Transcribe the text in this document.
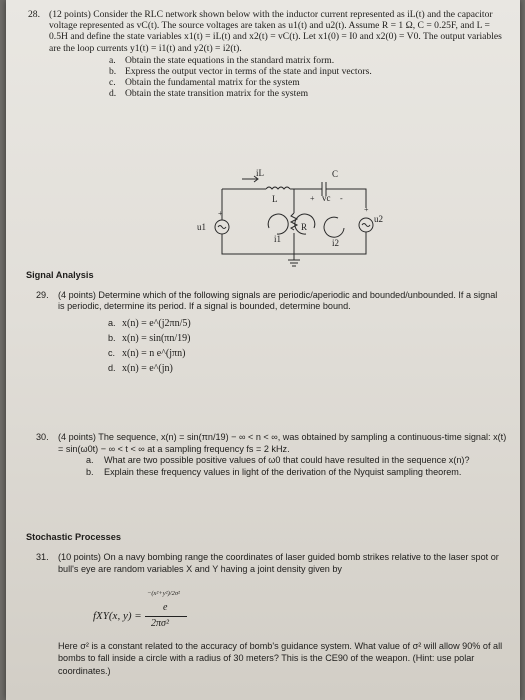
28. (12 points) Consider the RLC network shown below with the inductor current represented as iL(t) and the capacitor voltage represented as vC(t). The source voltages are taken as u1(t) and u2(t). Assume R = 1 Ω, C = 0.25F, and L = 0.5H and define the state variables x1(t) = iL(t) and x2(t) = vC(t). Let x1(0) = I0 and x2(0) = V0. The output variables are the loop currents y1(t) = i1(t) and y2(t) = i2(t).
a. Obtain the state equations in the standard matrix form.
b. Express the output vector in terms of the state and input vectors.
c. Obtain the fundamental matrix for the system
d. Obtain the state transition matrix for the system
iL
L
C
+ vc -
u1
+
u2
+
i1
R
i2
Signal Analysis
29. (4 points) Determine which of the following signals are periodic/aperiodic and bounded/unbounded. If a signal is periodic, determine its period. If a signal is bounded, determine bound.
a. x(n) = e^(j2πn/5)
b. x(n) = sin(πn/19)
c. x(n) = n e^(jπn)
d. x(n) = e^(jn)
30. (4 points) The sequence, x(n) = sin(πn/19) − ∞ < n < ∞, was obtained by sampling a continuous-time signal: x(t) = sin(ω0t) − ∞ < t < ∞ at a sampling frequency fs = 2 kHz.
a.	What are two possible positive values of ω0 that could have resulted in the sequence x(n)?
b.	Explain these frequency values in light of the derivation of the Nyquist sampling theorem.
Stochastic Processes
31. (10 points) On a navy bombing range the coordinates of laser guided bomb strikes relative to the laser spot or bull's eye are random variables X and Y having a joint density given by
fXY(x, y) =
e
−(x²+y²)/2σ²
2πσ²
Here σ² is a constant related to the accuracy of bomb's guidance system. What value of σ² will allow 90% of all bombs to fall inside a circle with a radius of 30 meters? This is the CE90 of the weapon. (Hint: use polar coordinates.)
